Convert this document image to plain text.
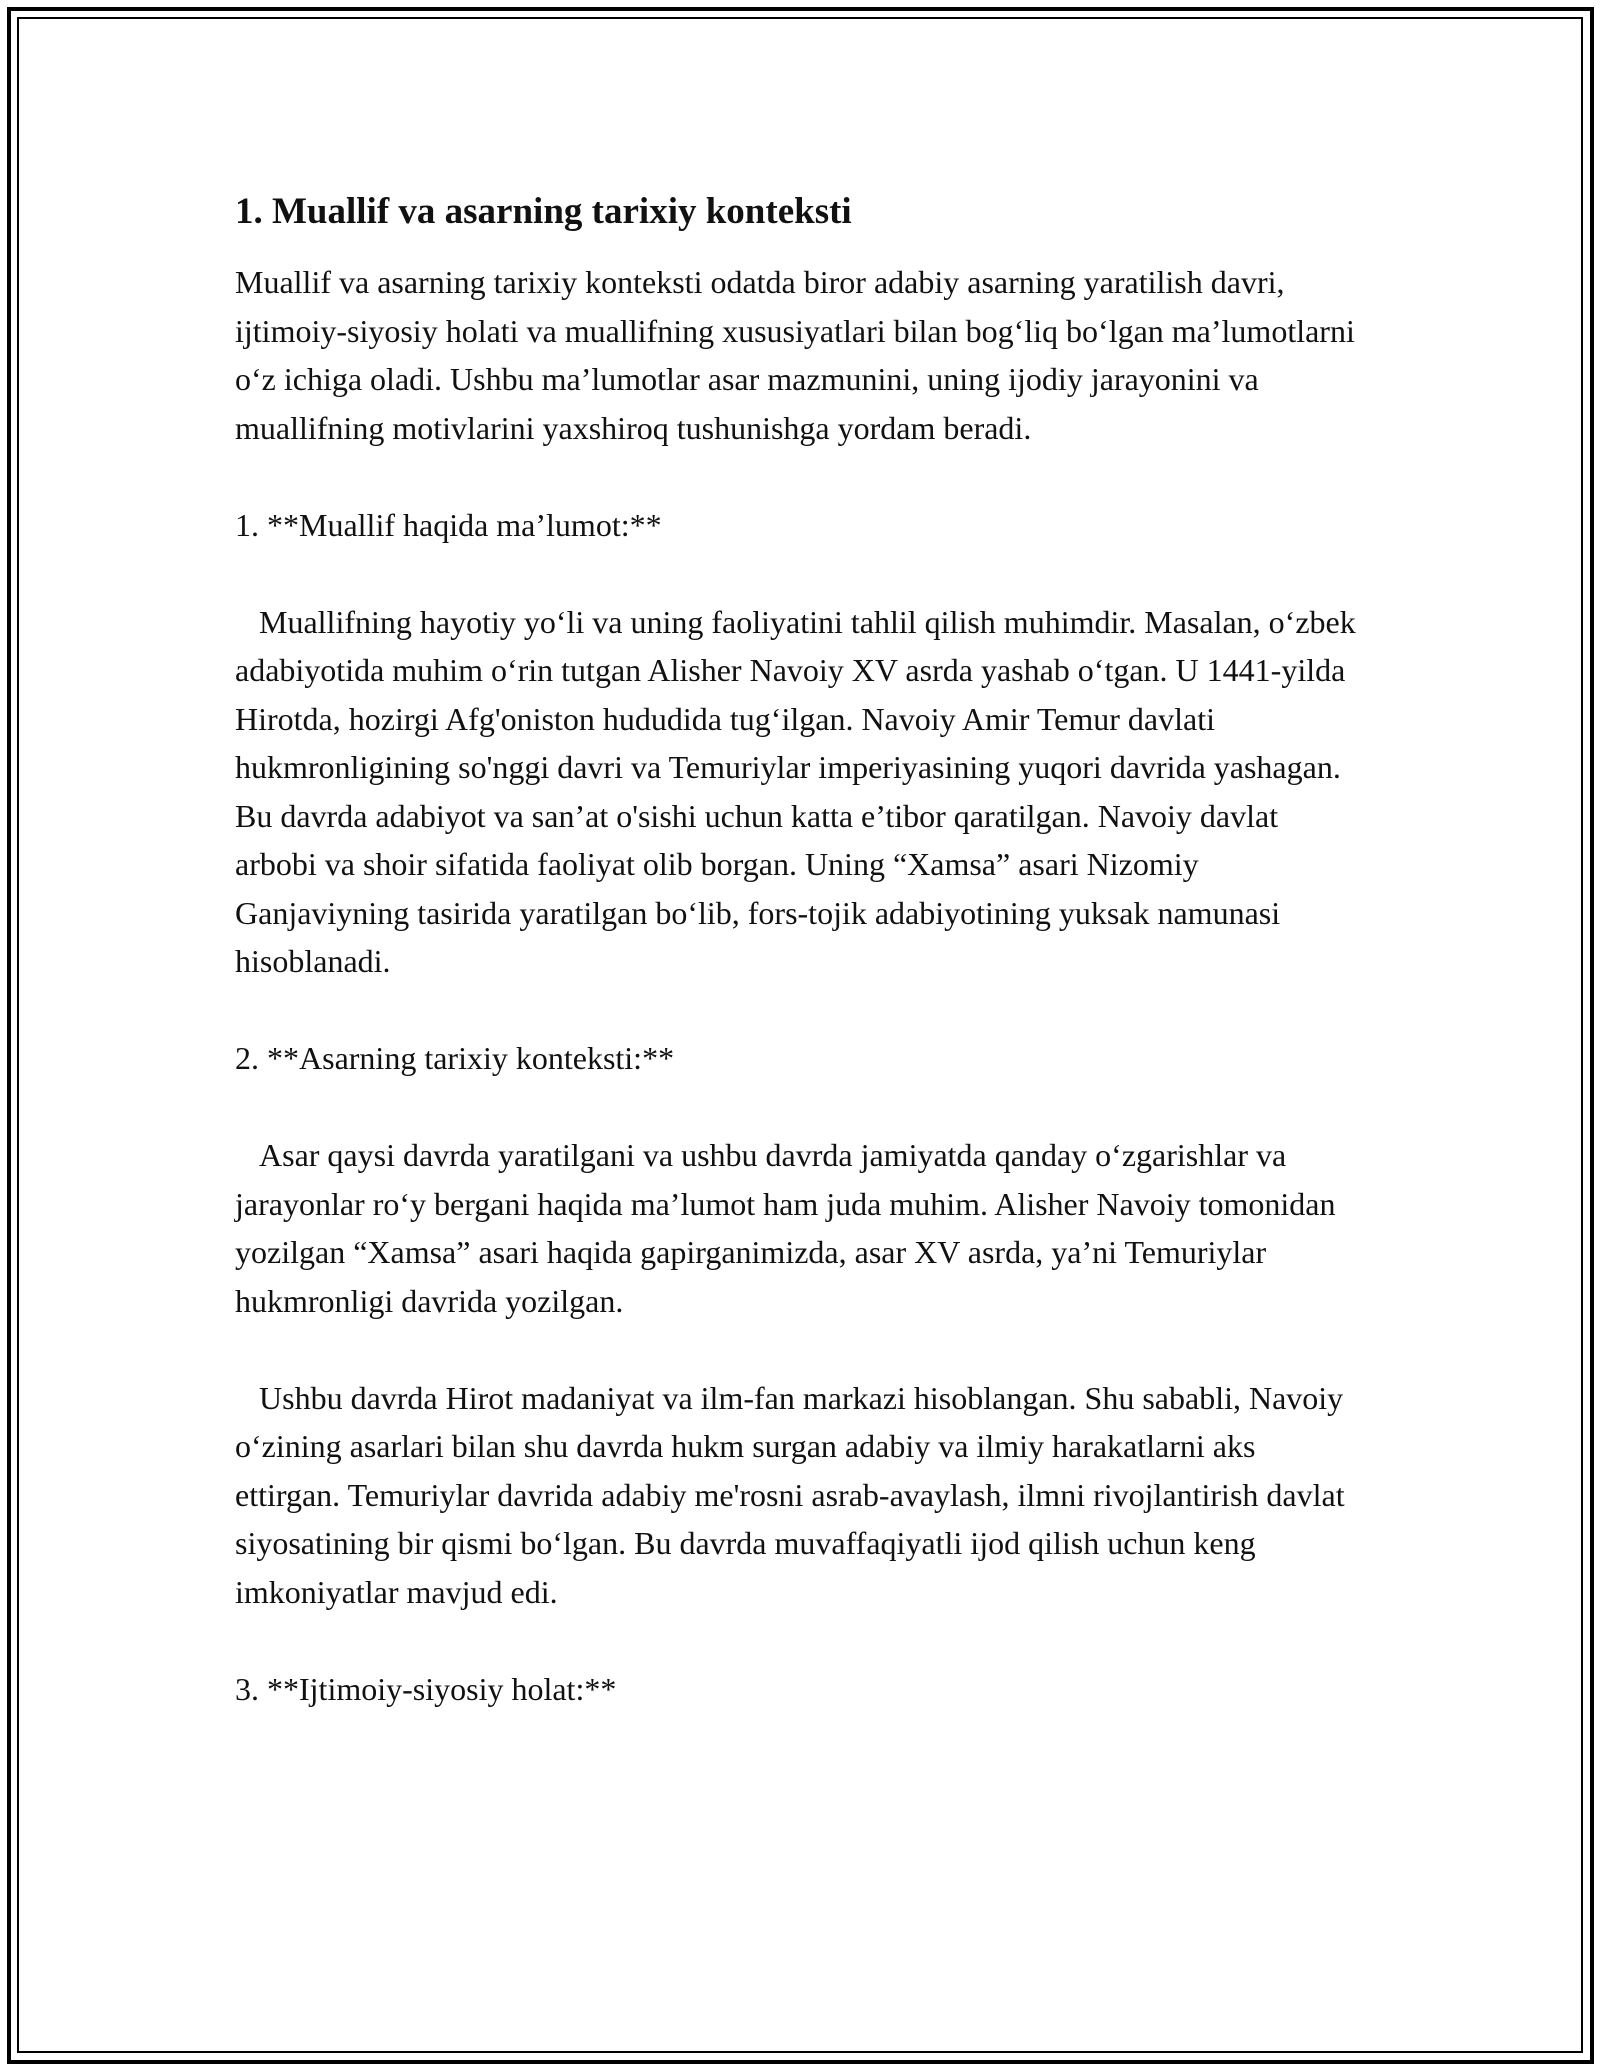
1. Muallif va asarning tarixiy konteksti

Muallif va asarning tarixiy konteksti odatda biror adabiy asarning yaratilish davri, ijtimoiy-siyosiy holati va muallifning xususiyatlari bilan bog‘liq bo‘lgan ma’lumotlarni o‘z ichiga oladi. Ushbu ma’lumotlar asar mazmunini, uning ijodiy jarayonini va muallifning motivlarini yaxshiroq tushunishga yordam beradi.

1. **Muallif haqida ma’lumot:**

Muallifning hayotiy yo‘li va uning faoliyatini tahlil qilish muhimdir. Masalan, o‘zbek adabiyotida muhim o‘rin tutgan Alisher Navoiy XV asrda yashab o‘tgan. U 1441-yilda Hirotda, hozirgi Afg'oniston hududida tug‘ilgan. Navoiy Amir Temur davlati hukmronligining so'nggi davri va Temuriylar imperiyasining yuqori davrida yashagan. Bu davrda adabiyot va san’at o'sishi uchun katta e’tibor qaratilgan. Navoiy davlat arbobi va shoir sifatida faoliyat olib borgan. Uning “Xamsa” asari Nizomiy Ganjaviyning tasirida yaratilgan bo‘lib, fors-tojik adabiyotining yuksak namunasi hisoblanadi.

2. **Asarning tarixiy konteksti:**

Asar qaysi davrda yaratilgani va ushbu davrda jamiyatda qanday o‘zgarishlar va jarayonlar ro‘y bergani haqida ma’lumot ham juda muhim. Alisher Navoiy tomonidan yozilgan “Xamsa” asari haqida gapirganimizda, asar XV asrda, ya’ni Temuriylar hukmronligi davrida yozilgan.

Ushbu davrda Hirot madaniyat va ilm-fan markazi hisoblangan. Shu sababli, Navoiy o‘zining asarlari bilan shu davrda hukm surgan adabiy va ilmiy harakatlarni aks ettirgan. Temuriylar davrida adabiy me'rosni asrab-avaylash, ilmni rivojlantirish davlat siyosatining bir qismi bo‘lgan. Bu davrda muvaffaqiyatli ijod qilish uchun keng imkoniyatlar mavjud edi.

3. **Ijtimoiy-siyosiy holat:**
